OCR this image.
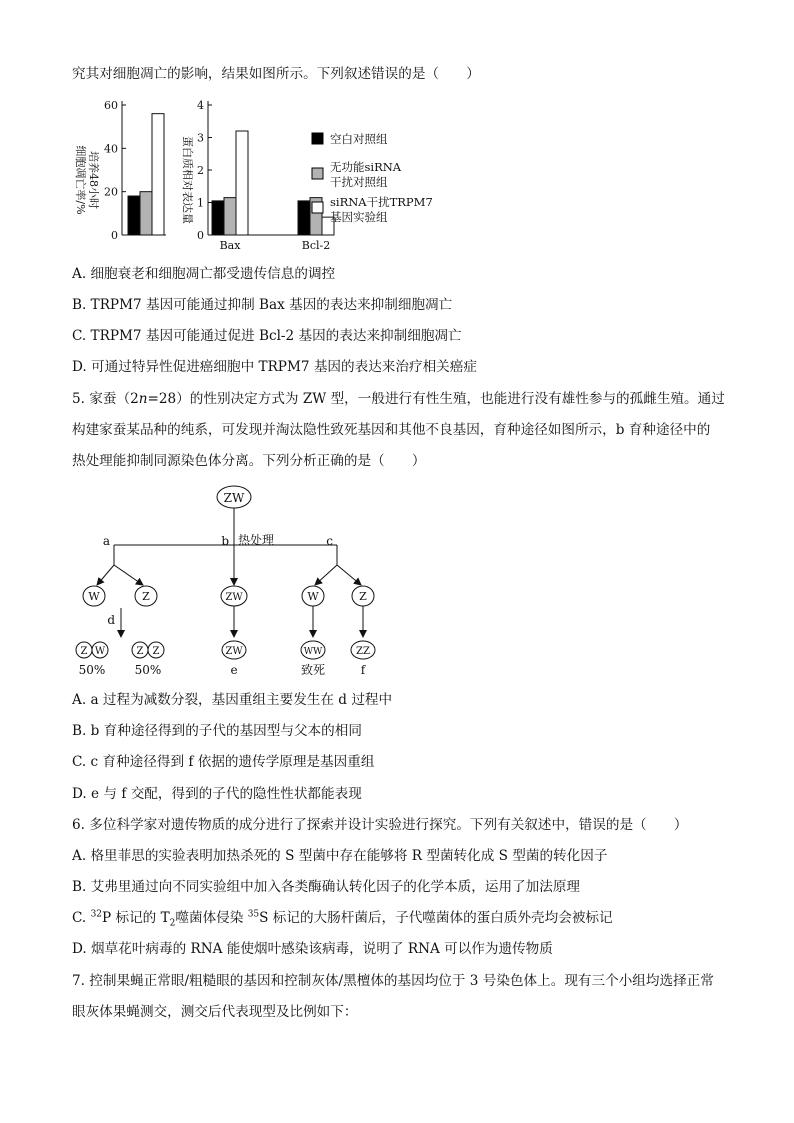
究其对细胞凋亡的影响，结果如图所示。下列叙述错误的是（　　）
培养48小时
细胞凋亡率/%
0
20
40
60
蛋白质相对表达量
0
1
2
3
4
Bax	Bcl-2
空白对照组
无功能siRNA
干扰对照组
siRNA干扰TRPM7
基因实验组
A. 细胞衰老和细胞凋亡都受遗传信息的调控
B. TRPM7 基因可能通过抑制 Bax 基因的表达来抑制细胞凋亡
C. TRPM7 基因可能通过促进 Bcl-2 基因的表达来抑制细胞凋亡
D. 可通过特异性促进癌细胞中 TRPM7 基因的表达来治疗相关癌症
5. 家蚕（2n=28）的性别决定方式为 ZW 型，一般进行有性生殖，也能进行没有雄性参与的孤雌生殖。通过
构建家蚕某品种的纯系，可发现并淘汰隐性致死基因和其他不良基因，育种途径如图所示，b 育种途径中的
热处理能抑制同源染色体分离。下列分析正确的是（　　）
ZW
a	b 热处理	c
d
W	Z	ZW	W	Z
Z W	Z Z
50% 50%
ZW
e
WW
致死
ZZ
f
A. a 过程为减数分裂，基因重组主要发生在 d 过程中
B. b 育种途径得到的子代的基因型与父本的相同
C. c 育种途径得到 f 依据的遗传学原理是基因重组
D. e 与 f 交配，得到的子代的隐性性状都能表现
6. 多位科学家对遗传物质的成分进行了探索并设计实验进行探究。下列有关叙述中，错误的是（　　）
A. 格里菲思的实验表明加热杀死的 S 型菌中存在能够将 R 型菌转化成 S 型菌的转化因子
B. 艾弗里通过向不同实验组中加入各类酶确认转化因子的化学本质，运用了加法原理
C. $^{32}$P 标记的 $T_2$噬菌体侵染 $^{35}$S 标记的大肠杆菌后，子代噬菌体的蛋白质外壳均会被标记
D. 烟草花叶病毒的 RNA 能使烟叶感染该病毒，说明了 RNA 可以作为遗传物质
7. 控制果蝇正常眼/粗糙眼的基因和控制灰体/黑檀体的基因均位于 3 号染色体上。现有三个小组均选择正常
眼灰体果蝇测交，测交后代表现型及比例如下：
